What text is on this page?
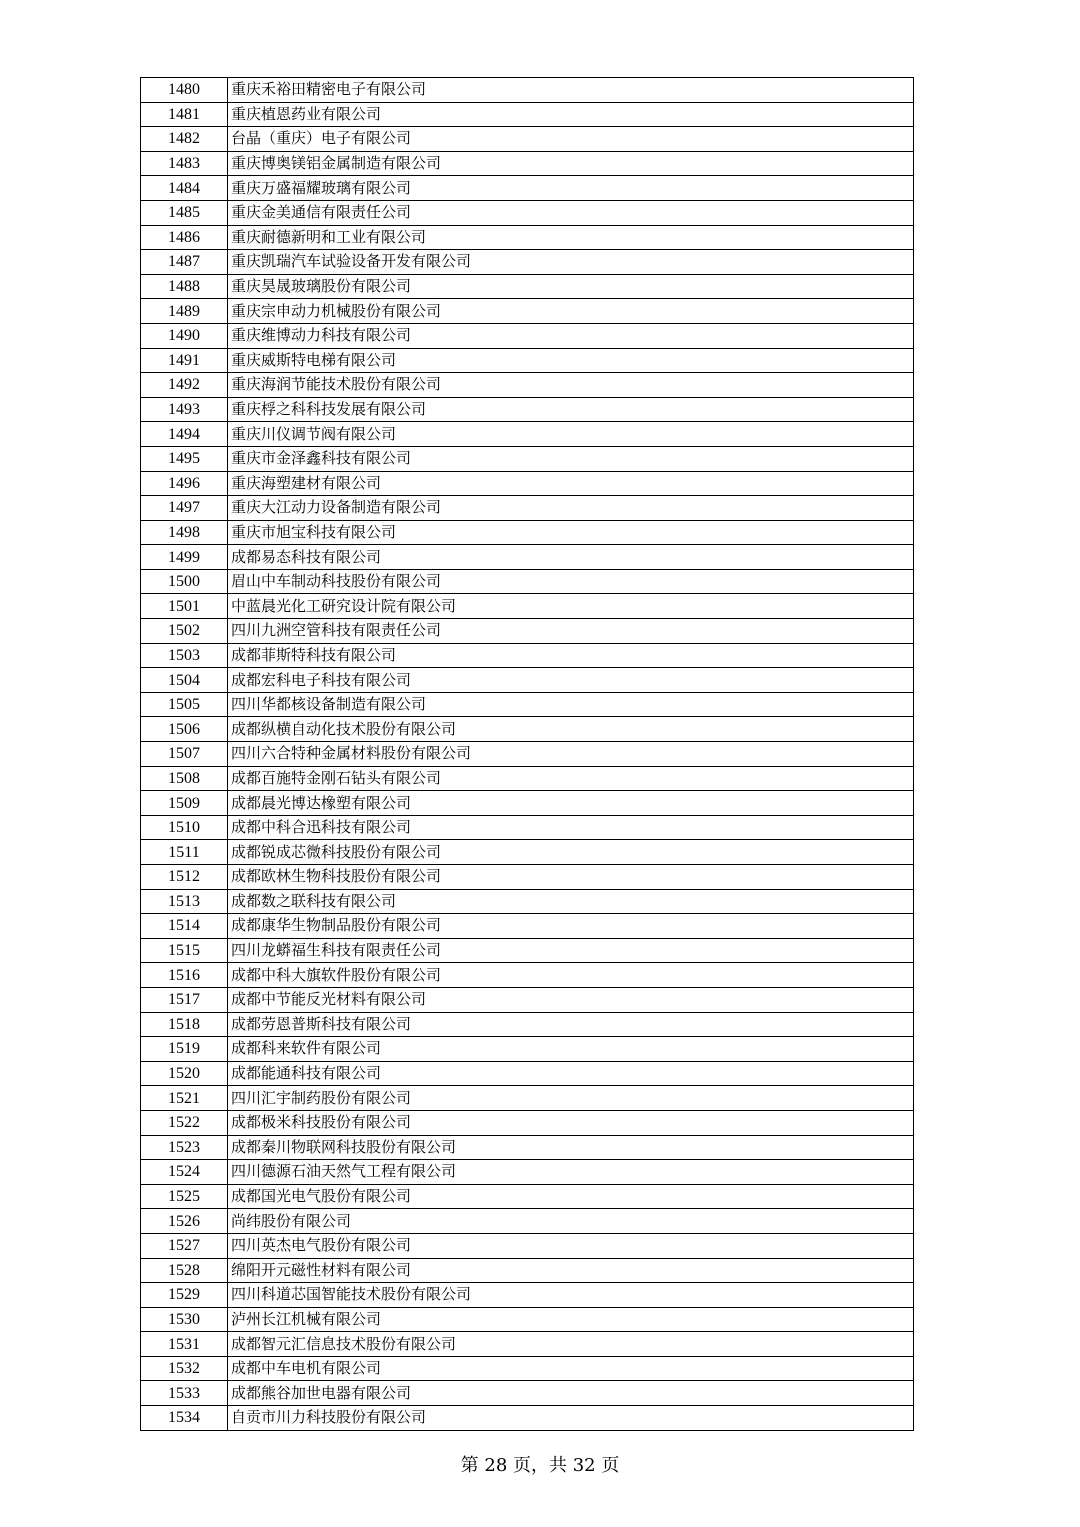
1480	重庆禾裕田精密电子有限公司
1481	重庆植恩药业有限公司
1482	台晶（重庆）电子有限公司
1483	重庆博奥镁铝金属制造有限公司
1484	重庆万盛福耀玻璃有限公司
1485	重庆金美通信有限责任公司
1486	重庆耐德新明和工业有限公司
1487	重庆凯瑞汽车试验设备开发有限公司
1488	重庆昊晟玻璃股份有限公司
1489	重庆宗申动力机械股份有限公司
1490	重庆维博动力科技有限公司
1491	重庆威斯特电梯有限公司
1492	重庆海润节能技术股份有限公司
1493	重庆桴之科科技发展有限公司
1494	重庆川仪调节阀有限公司
1495	重庆市金泽鑫科技有限公司
1496	重庆海塑建材有限公司
1497	重庆大江动力设备制造有限公司
1498	重庆市旭宝科技有限公司
1499	成都易态科技有限公司
1500	眉山中车制动科技股份有限公司
1501	中蓝晨光化工研究设计院有限公司
1502	四川九洲空管科技有限责任公司
1503	成都菲斯特科技有限公司
1504	成都宏科电子科技有限公司
1505	四川华都核设备制造有限公司
1506	成都纵横自动化技术股份有限公司
1507	四川六合特种金属材料股份有限公司
1508	成都百施特金刚石钻头有限公司
1509	成都晨光博达橡塑有限公司
1510	成都中科合迅科技有限公司
1511	成都锐成芯微科技股份有限公司
1512	成都欧林生物科技股份有限公司
1513	成都数之联科技有限公司
1514	成都康华生物制品股份有限公司
1515	四川龙蟒福生科技有限责任公司
1516	成都中科大旗软件股份有限公司
1517	成都中节能反光材料有限公司
1518	成都劳恩普斯科技有限公司
1519	成都科来软件有限公司
1520	成都能通科技有限公司
1521	四川汇宇制药股份有限公司
1522	成都极米科技股份有限公司
1523	成都秦川物联网科技股份有限公司
1524	四川德源石油天然气工程有限公司
1525	成都国光电气股份有限公司
1526	尚纬股份有限公司
1527	四川英杰电气股份有限公司
1528	绵阳开元磁性材料有限公司
1529	四川科道芯国智能技术股份有限公司
1530	泸州长江机械有限公司
1531	成都智元汇信息技术股份有限公司
1532	成都中车电机有限公司
1533	成都熊谷加世电器有限公司
1534	自贡市川力科技股份有限公司
第 28 页，共 32 页
